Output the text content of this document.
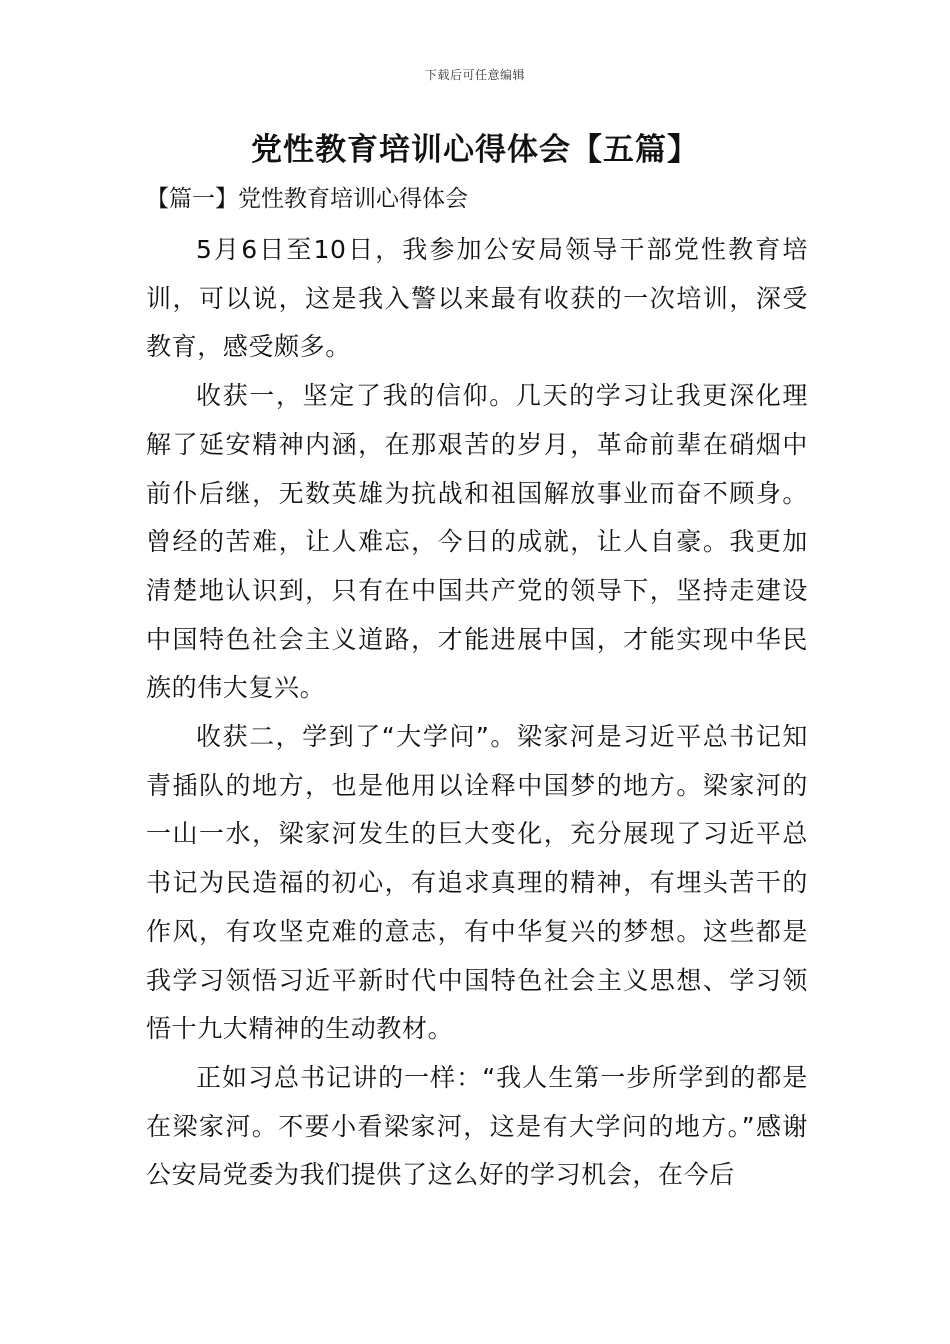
下载后可任意编辑
党性教育培训心得体会【五篇】
【篇一】党性教育培训心得体会

5月6日至10日，我参加公安局领导干部党性教育培训，可以说，这是我入警以来最有收获的一次培训，深受教育，感受颇多。

收获一，坚定了我的信仰。几天的学习让我更深化理解了延安精神内涵，在那艰苦的岁月，革命前辈在硝烟中前仆后继，无数英雄为抗战和祖国解放事业而奋不顾身。曾经的苦难，让人难忘，今日的成就，让人自豪。我更加清楚地认识到，只有在中国共产党的领导下，坚持走建设中国特色社会主义道路，才能进展中国，才能实现中华民族的伟大复兴。

收获二，学到了“大学问”。梁家河是习近平总书记知青插队的地方，也是他用以诠释中国梦的地方。梁家河的一山一水，梁家河发生的巨大变化，充分展现了习近平总书记为民造福的初心，有追求真理的精神，有埋头苦干的作风，有攻坚克难的意志，有中华复兴的梦想。这些都是我学习领悟习近平新时代中国特色社会主义思想、学习领悟十九大精神的生动教材。

正如习总书记讲的一样：“我人生第一步所学到的都是在梁家河。不要小看梁家河，这是有大学问的地方。”感谢公安局党委为我们提供了这么好的学习机会，在今后
